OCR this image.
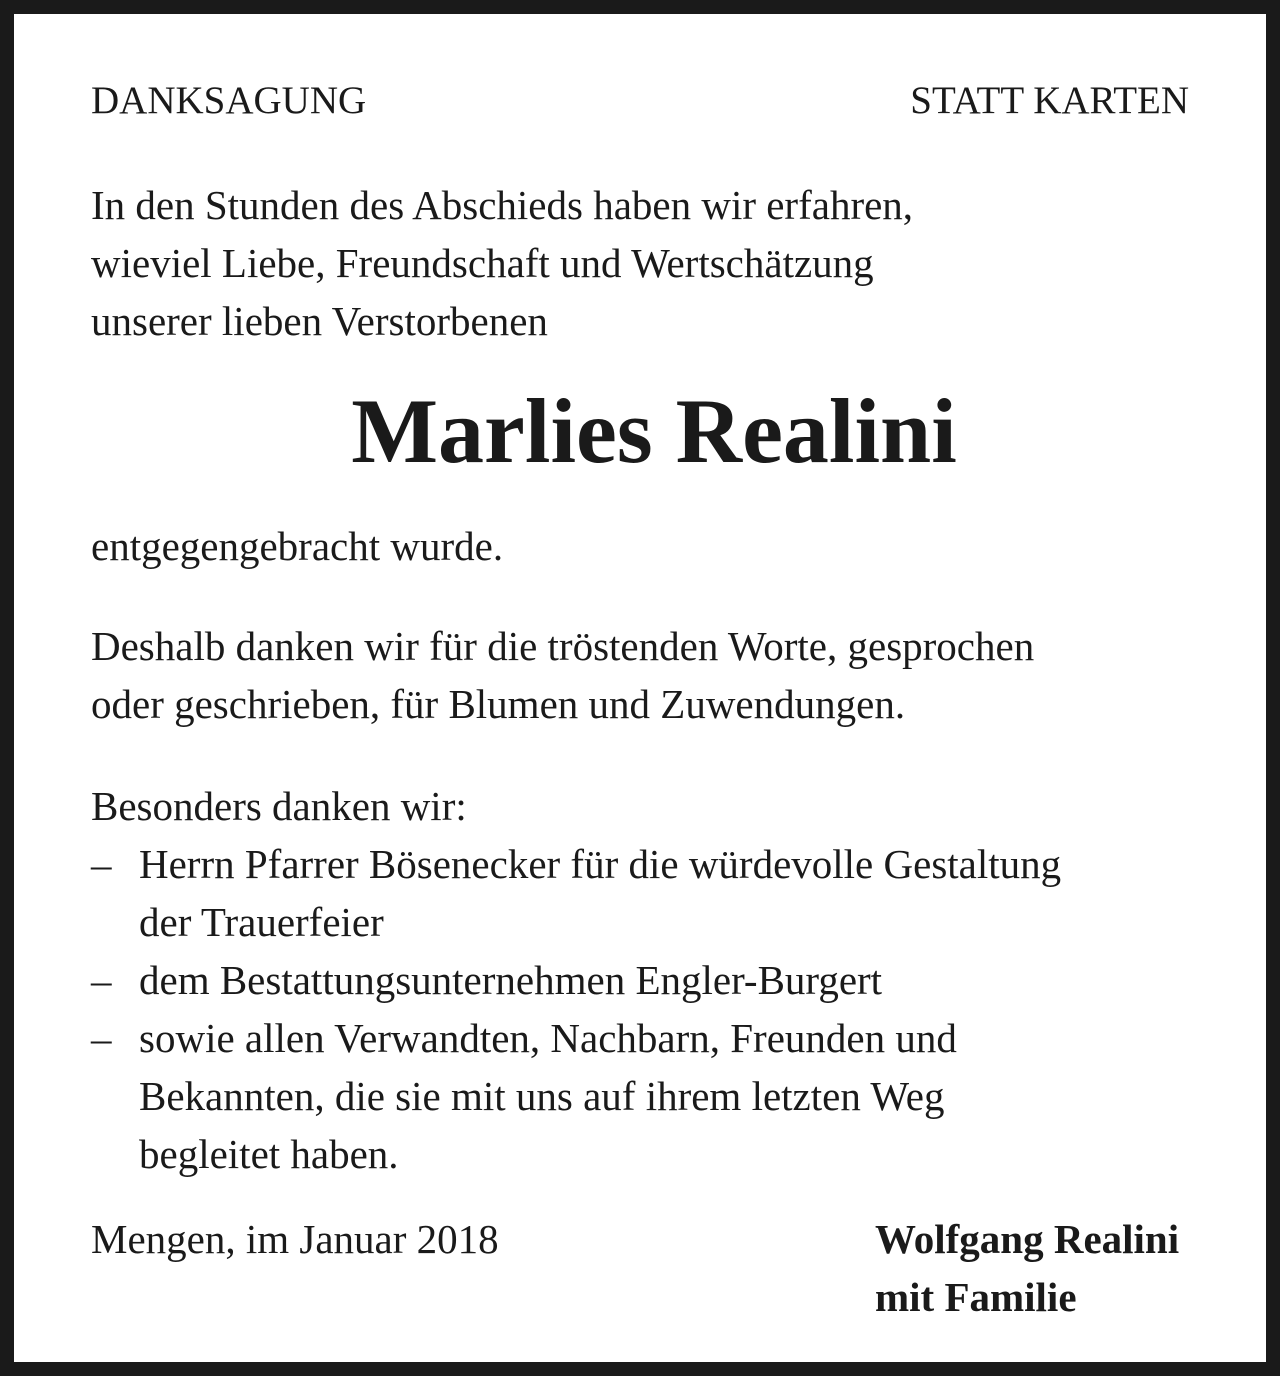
DANKSAGUNG	STATT KARTEN

In den Stunden des Abschieds haben wir erfahren,
wieviel Liebe, Freundschaft und Wertschätzung
unserer lieben Verstorbenen

Marlies Realini

entgegengebracht wurde.

Deshalb danken wir für die tröstenden Worte, gesprochen
oder geschrieben, für Blumen und Zuwendungen.

Besonders danken wir:

– Herrn Pfarrer Bösenecker für die würdevolle Gestaltung
der Trauerfeier
– dem Bestattungsunternehmen Engler-Burgert
– sowie allen Verwandten, Nachbarn, Freunden und
Bekannten, die sie mit uns auf ihrem letzten Weg
begleitet haben.

Mengen, im Januar 2018	Wolfgang Realini
mit Familie
